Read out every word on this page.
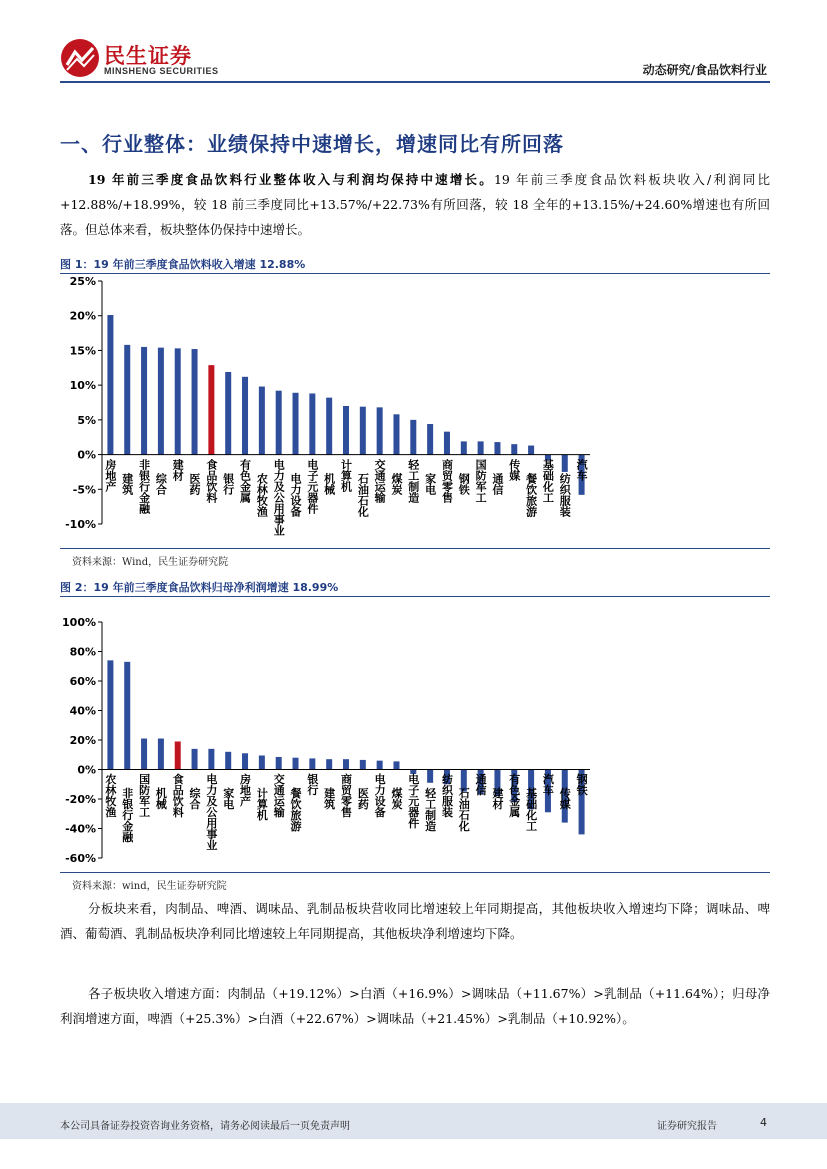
民生证券
MINSHENG SECURITIES	动态研究/食品饮料行业
一、行业整体：业绩保持中速增长，增速同比有所回落
19 年前三季度食品饮料行业整体收入与利润均保持中速增长。19 年前三季度食品饮料板块收入/利润同比+12.88%/+18.99%，较 18 前三季度同比+13.57%/+22.73%有所回落，较 18 全年的+13.15%/+24.60%增速也有所回落。但总体来看，板块整体仍保持中速增长。
图 1：19 年前三季度食品饮料收入增速 12.88%
25%
20%
15%
10%
5%
0%
-5%
-10%
房地产 建筑 非银行金融 综合
建材
医药 食品饮料 银行 有色金属 农林牧渔 电力及公用事业 电力设备 电子元器件 机械 计算机 石油石化 交通运输 煤炭 轻工制造 家电 商贸零售 钢铁 国防军工 通信
传媒
餐饮旅游 基础化工 纺织服装
汽车
资料来源：Wind，民生证券研究院
图 2：19 年前三季度食品饮料归母净利润增速 18.99%
100%
80%
60%
40%
20%
0%
-20%
-40%
-60%
农林牧渔 非银行金融 国防军工 机械 食品饮料 综合 电力及公用事业 家电 房地产 计算机 交通运输 餐饮旅游
银行
建筑 商贸零售 医药 电力设备 煤炭 电子元器件 轻工制造 纺织服装 石油石化
通信
建材 有色金属 基础化工
汽车
传媒
钢铁
资料来源：wind，民生证券研究院
分板块来看，肉制品、啤酒、调味品、乳制品板块营收同比增速较上年同期提高，其他板块收入增速均下降；调味品、啤酒、葡萄酒、乳制品板块净利同比增速较上年同期提高，其他板块净利增速均下降。
各子板块收入增速方面：肉制品（+19.12%）>白酒（+16.9%）>调味品（+11.67%）>乳制品（+11.64%）；归母净利润增速方面，啤酒（+25.3%）>白酒（+22.67%）>调味品（+21.45%）>乳制品（+10.92%）。
本公司具备证券投资咨询业务资格，请务必阅读最后一页免责声明	证券研究报告	4
